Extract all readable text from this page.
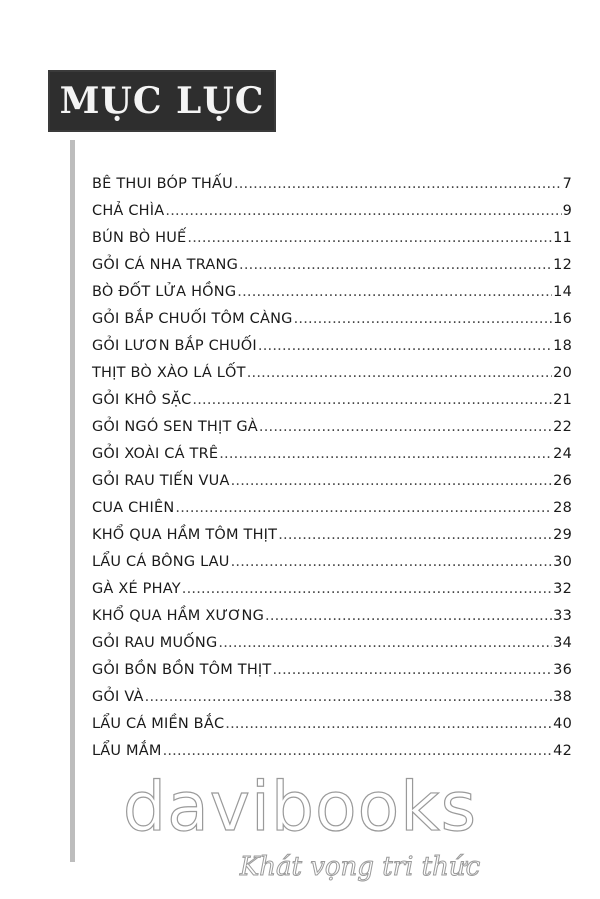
MỤC LỤC
BÊ THUI BÓP THẤU .....	7
CHẢ CHÌA .....	9
BÚN BÒ HUẾ .....	11
GỎI CÁ NHA TRANG .....	12
BÒ ĐỐT LỬA HỒNG .....	14
GỎI BẮP CHUỐI TÔM CÀNG .....	16
GỎI LƯƠN BẮP CHUỐI .....	18
THỊT BÒ XÀO LÁ LỐT .....	20
GỎI KHÔ SẶC .....	21
GỎI NGÓ SEN THỊT GÀ .....	22
GỎI XOÀI CÁ TRÊ .....	24
GỎI RAU TIẾN VUA .....	26
CUA CHIÊN .....	28
KHỔ QUA HẦM TÔM THỊT .....	29
LẨU CÁ BÔNG LAU .....	30
GÀ XÉ PHAY .....	32
KHỔ QUA HẦM XƯƠNG .....	33
GỎI RAU MUỐNG .....	34
GỎI BỒN BỒN TÔM THỊT .....	36
GỎI VÀ .....	38
LẨU CÁ MIỀN BẮC .....	40
LẨU MẮM .....	42
davibooks
Khát vọng tri thức
